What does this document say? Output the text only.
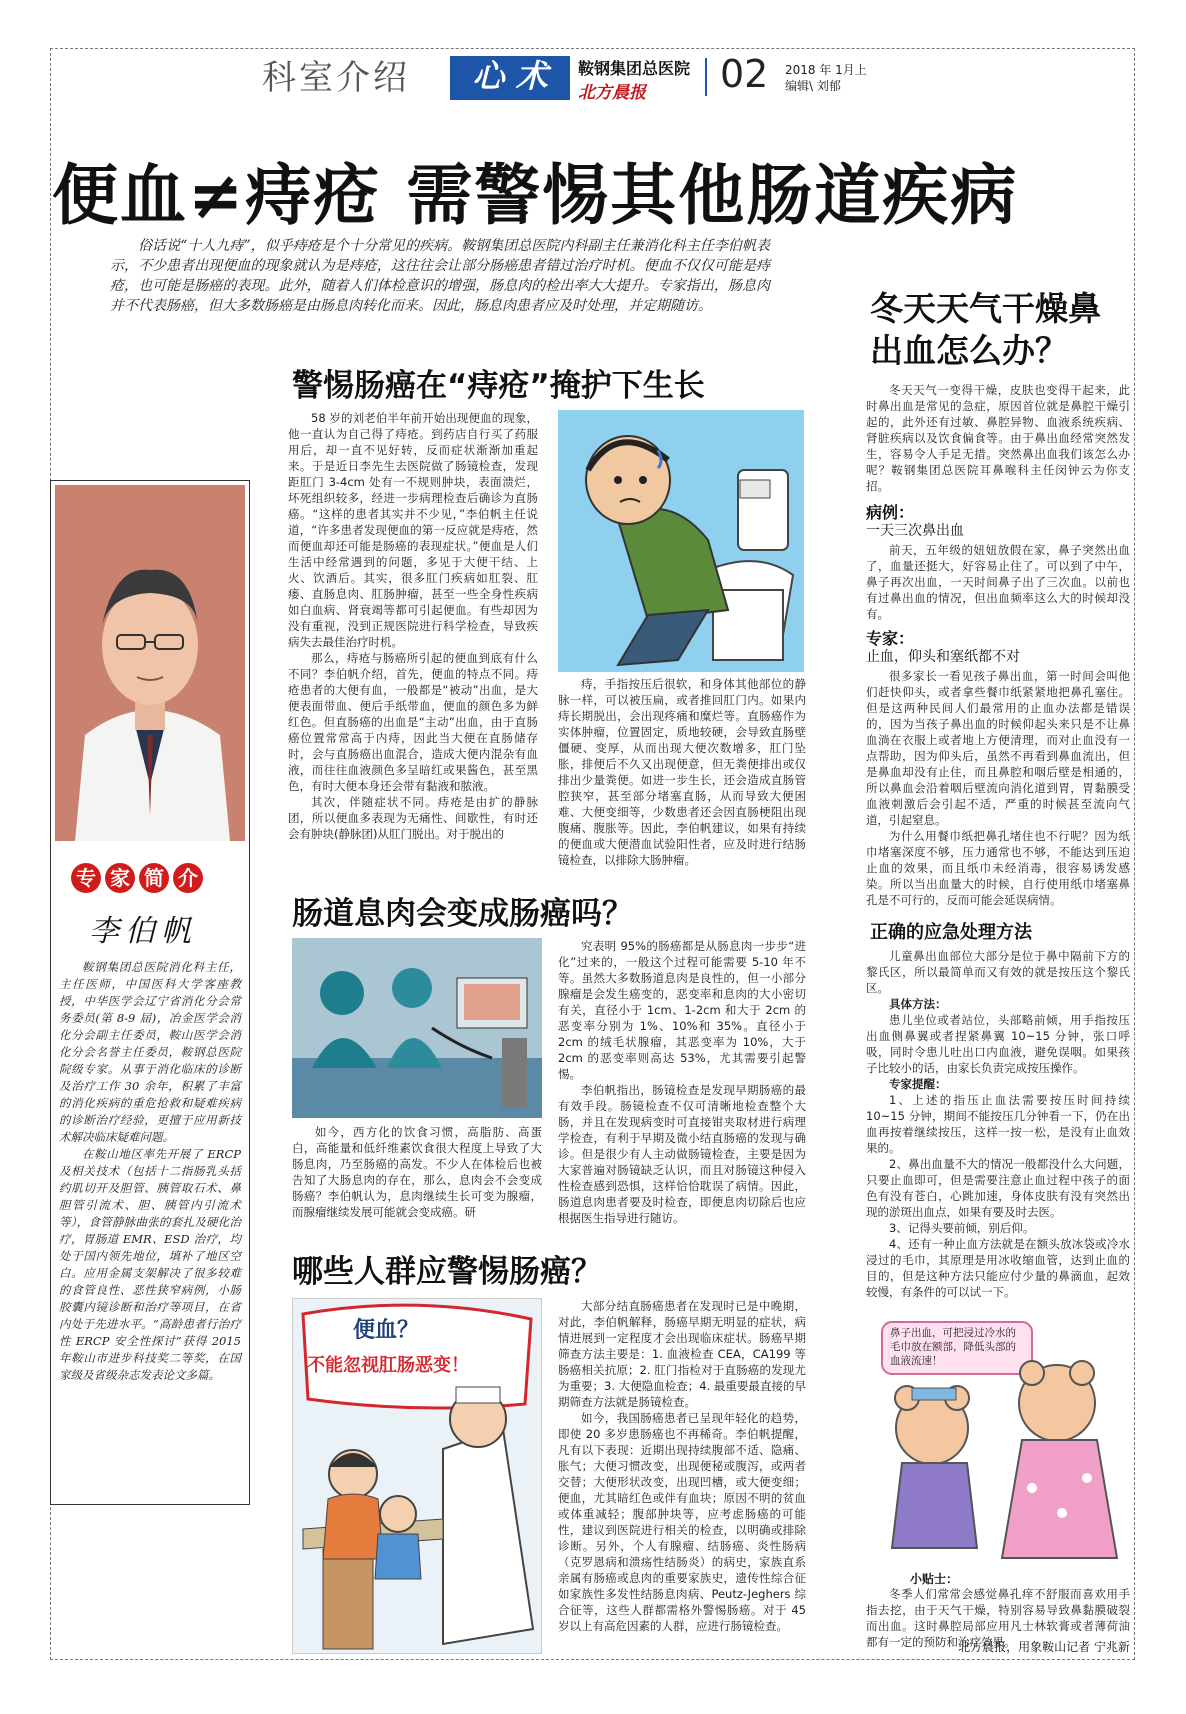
科室介绍	心 术	鞍钢集团总医院
北方晨报 02 2018 年 1月上
编辑\ 刘郁
便血≠痔疮 需警惕其他肠道疾病
俗话说“十人九痔”，似乎痔疮是个十分常见的疾病。鞍钢集团总医院内科副主任兼消化科主任李伯帆表示，不少患者出现便血的现象就认为是痔疮，这往往会让部分肠癌患者错过治疗时机。便血不仅仅可能是痔疮，也可能是肠癌的表现。此外，随着人们体检意识的增强，肠息肉的检出率大大提升。专家指出，肠息肉并不代表肠癌，但大多数肠癌是由肠息肉转化而来。因此，肠息肉患者应及时处理，并定期随访。
专 家 简 介
李伯帆

鞍钢集团总医院消化科主任，主任医师，中国医科大学客座教授，中华医学会辽宁省消化分会常务委员(第 8-9 届)，冶金医学会消化分会副主任委员，鞍山医学会消化分会名誉主任委员，鞍钢总医院院级专家。从事于消化临床的诊断及治疗工作 30 余年，积累了丰富的消化疾病的重危抢救和疑难疾病的诊断治疗经验，更擅于应用新技术解决临床疑难问题。

在鞍山地区率先开展了 ERCP 及相关技术（包括十二指肠乳头括约肌切开及胆管、胰管取石术、鼻胆管引流术、胆、胰管内引流术等），食管静脉曲张的套扎及硬化治疗，胃肠道 EMR、ESD 治疗，均处于国内领先地位，填补了地区空白。应用金属支架解决了很多较难的食管良性、恶性狭窄病例，小肠胶囊内镜诊断和治疗等项目，在省内处于先进水平。“高龄患者行治疗性 ERCP 安全性探讨”获得 2015 年鞍山市进步科技奖二等奖，在国家级及省级杂志发表论文多篇。

警惕肠癌在“痔疮”掩护下生长

58 岁的刘老伯半年前开始出现便血的现象，他一直认为自己得了痔疮。到药店自行买了药服用后，却一直不见好转，反而症状渐渐加重起来。于是近日李先生去医院做了肠镜检查，发现距肛门 3-4cm 处有一不规则肿块，表面溃烂，坏死组织较多，经进一步病理检查后确诊为直肠癌。“这样的患者其实并不少见，”李伯帆主任说道，“许多患者发现便血的第一反应就是痔疮，然而便血却还可能是肠癌的表现症状。”便血是人们生活中经常遇到的问题，多见于大便干结、上火、饮酒后。其实，很多肛门疾病如肛裂、肛瘘、直肠息肉、肛肠肿瘤，甚至一些全身性疾病如白血病、肾衰竭等都可引起便血。有些却因为没有重视，没到正规医院进行科学检查，导致疾病失去最佳治疗时机。

那么，痔疮与肠癌所引起的便血到底有什么不同？李伯帆介绍，首先，便血的特点不同。痔疮患者的大便有血，一般都是“被动”出血，是大便表面带血、便后手纸带血，便血的颜色多为鲜红色。但直肠癌的出血是“主动”出血，由于直肠癌位置常常高于内痔，因此当大便在直肠储存时，会与直肠癌出血混合，造成大便内混杂有血液，而往往血液颜色多呈暗红或果酱色，甚至黑色，有时大便本身还会带有黏液和脓液。

其次，伴随症状不同。痔疮是由扩的静脉团，所以便血多表现为无痛性、间歇性，有时还会有肿块(静脉团)从肛门脱出。对于脱出的

痔，手指按压后很软，和身体其他部位的静脉一样，可以被压扁，或者推回肛门内。如果内痔长期脱出，会出现疼痛和糜烂等。直肠癌作为实体肿瘤，位置固定，质地较硬，会导致直肠壁僵硬、变厚，从而出现大便次数增多，肛门坠胀，排便后不久又出现便意，但无粪便排出或仅排出少量粪便。如进一步生长，还会造成直肠管腔狭窄，甚至部分堵塞直肠，从而导致大便困难、大便变细等，少数患者还会因直肠梗阻出现腹痛、腹胀等。因此，李伯帆建议，如果有持续的便血或大便潜血试验阳性者，应及时进行结肠镜检查，以排除大肠肿瘤。

肠道息肉会变成肠癌吗？

如今，西方化的饮食习惯，高脂肪、高蛋白，高能量和低纤维素饮食很大程度上导致了大肠息肉，乃至肠癌的高发。不少人在体检后也被告知了大肠息肉的存在，那么，息肉会不会变成肠癌？李伯帆认为，息肉继续生长可变为腺瘤，而腺瘤继续发展可能就会变成癌。研

究表明 95%的肠癌都是从肠息肉一步步“进化”过来的，一般这个过程可能需要 5-10 年不等。虽然大多数肠道息肉是良性的，但一小部分腺瘤是会发生癌变的，恶变率和息肉的大小密切有关，直径小于 1cm、1-2cm 和大于 2cm 的恶变率分别为 1%、10%和 35%。直径小于 2cm 的绒毛状腺瘤，其恶变率为 10%，大于 2cm 的恶变率则高达 53%，尤其需要引起警惕。

李伯帆指出，肠镜检查是发现早期肠癌的最有效手段。肠镜检查不仅可清晰地检查整个大肠，并且在发现病变时可直接钳夹取材进行病理学检查，有利于早期及微小结直肠癌的发现与确诊。但是很少有人主动做肠镜检查，主要是因为大家普遍对肠镜缺乏认识，而且对肠镜这种侵入性检查感到恐惧，这样恰恰耽误了病情。因此，肠道息肉患者要及时检查，即便息肉切除后也应根据医生指导进行随访。

哪些人群应警惕肠癌？
便血？
不能忽视肛肠恶变！

大部分结直肠癌患者在发现时已是中晚期，对此，李伯帆解释，肠癌早期无明显的症状，病情进展到一定程度才会出现临床症状。肠癌早期筛查方法主要是：1. 血液检查 CEA，CA199 等肠癌相关抗原；2. 肛门指检对于直肠癌的发现尤为重要；3. 大便隐血检查；4. 最重要最直接的早期筛查方法就是肠镜检查。

如今，我国肠癌患者已呈现年轻化的趋势，即使 20 多岁患肠癌也不再稀奇。李伯帆提醒，凡有以下表现：近期出现持续腹部不适、隐痛、胀气；大便习惯改变，出现便秘或腹泻，或两者交替；大便形状改变，出现凹槽，或大便变细；便血，尤其暗红色或伴有血块；原因不明的贫血或体重减轻；腹部肿块等，应考虑肠癌的可能性，建议到医院进行相关的检查，以明确或排除诊断。另外，个人有腺瘤、结肠癌、炎性肠病（克罗恩病和溃疡性结肠炎）的病史，家族直系亲属有肠癌或息肉的重要家族史，遗传性综合征如家族性多发性结肠息肉病、Peutz-Jeghers 综合征等，这些人群都需格外警惕肠癌。对于 45 岁以上有高危因素的人群，应进行肠镜检查。

冬天天气干燥鼻出血怎么办？

冬天天气一变得干燥，皮肤也变得干起来，此时鼻出血是常见的急症，原因首位就是鼻腔干燥引起的，此外还有过敏、鼻腔异物、血液系统疾病、肾脏疾病以及饮食偏食等。由于鼻出血经常突然发生，容易令人手足无措。突然鼻出血我们该怎么办呢？鞍钢集团总医院耳鼻喉科主任闵钟云为你支招。

病例：
一天三次鼻出血

前天，五年级的妞妞放假在家，鼻子突然出血了，血量还挺大，好容易止住了。可以到了中午，鼻子再次出血，一天时间鼻子出了三次血。以前也有过鼻出血的情况，但出血频率这么大的时候却没有。

专家：
止血，仰头和塞纸都不对

很多家长一看见孩子鼻出血，第一时间会叫他们赶快仰头，或者拿些餐巾纸紧紧地把鼻孔塞住。但是这两种民间人们最常用的止血办法都是错误的，因为当孩子鼻出血的时候仰起头来只是不让鼻血淌在衣服上或者地上方便清理，而对止血没有一点帮助，因为仰头后，虽然不再看到鼻血流出，但是鼻血却没有止住，而且鼻腔和咽后壁是相通的，所以鼻血会沿着咽后壁流向消化道到胃，胃黏膜受血液刺激后会引起不适，严重的时候甚至流向气道，引起窒息。

为什么用餐巾纸把鼻孔堵住也不行呢？因为纸巾堵塞深度不够，压力通常也不够，不能达到压迫止血的效果，而且纸巾未经消毒，很容易诱发感染。所以当出血量大的时候，自行使用纸巾堵塞鼻孔是不可行的，反而可能会延误病情。

正确的应急处理方法

儿童鼻出血部位大部分是位于鼻中隔前下方的黎氏区，所以最简单而又有效的就是按压这个黎氏区。

具体方法：

患儿坐位或者站位，头部略前倾，用手指按压出血侧鼻翼或者捏紧鼻翼 10~15 分钟，张口呼吸，同时令患儿吐出口内血液，避免误咽。如果孩子比较小的话，由家长负责完成按压操作。

专家提醒：

1、上述的指压止血法需要按压时间持续10~15 分钟，期间不能按压几分钟看一下，仍在出血再按着继续按压，这样一按一松，是没有止血效果的。

2、鼻出血量不大的情况一般都没什么大问题，只要止血即可，但是需要注意止血过程中孩子的面色有没有苍白，心跳加速，身体皮肤有没有突然出现的淤斑出血点，如果有要及时去医。

3、记得头要前倾，别后仰。

4、还有一种止血方法就是在额头放冰袋或冷水浸过的毛巾，其原理是用冰收缩血管，达到止血的目的，但是这种方法只能应付少量的鼻滴血，起效较慢，有条件的可以试一下。

鼻子出血，可把浸过冷水的毛巾放在额部，降低头部的血液流速！
小贴士：

冬季人们常常会感觉鼻孔痒不舒服而喜欢用手指去挖，由于天气干燥，特别容易导致鼻黏膜破裂而出血。这时鼻腔局部应用凡士林软膏或者薄荷油都有一定的预防和治疗效果。

北方晨报，用象鞍山记者 宁兆新
